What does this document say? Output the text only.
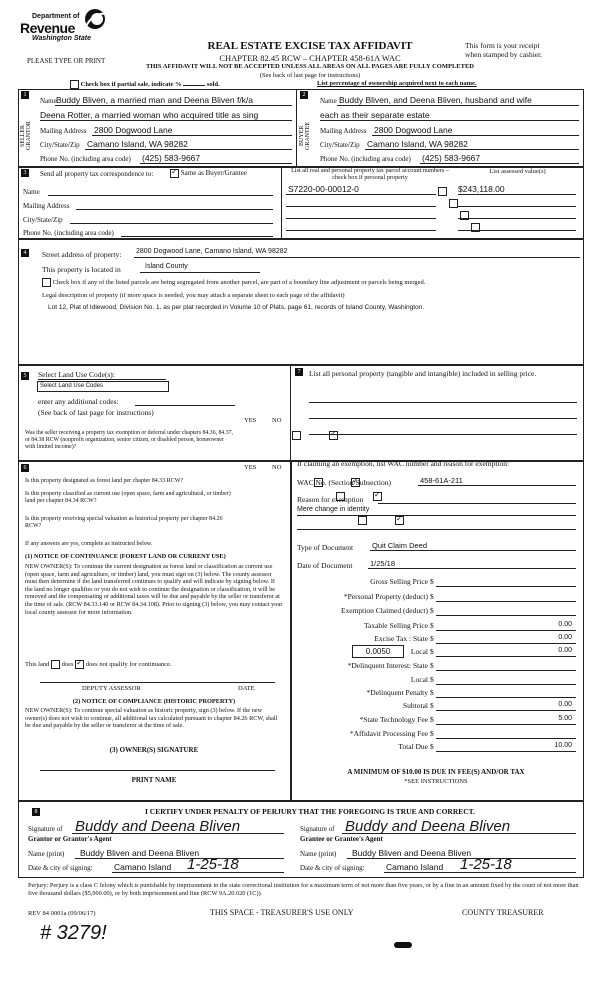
Department of
Revenue
Washington State
PLEASE TYPE OR PRINT
REAL ESTATE EXCISE TAX AFFIDAVIT
CHAPTER 82.45 RCW – CHAPTER 458-61A WAC
THIS AFFIDAVIT WILL NOT BE ACCEPTED UNLESS ALL AREAS ON ALL PAGES ARE FULLY COMPLETED
(See back of last page for instructions)
This form is your receipt
when stamped by cashier.
Check box if partial sale, indicate %	sold.	List percentage of ownership acquired next to each name.
1
SELLER GRANTOR
Name Buddy Bliven, a married man and Deena Bliven f/k/a
Deena Rotter, a married woman who acquired title as sing
Mailing Address 2800 Dogwood Lane
City/State/Zip Camano Island, WA 98282
Phone No. (including area code) (425) 583-9667
2
BUYER GRANTEE
Name Buddy Bliven, and Deena Bliven, husband and wife
each as their separate estate
Mailing Address 2800 Dogwood Lane
City/State/Zip Camano Island, WA 98282
Phone No. (including area code) (425) 583-9667
3	Send all property tax correspondence to: ✓	Same as Buyer/Grantee
Name
Mailing Address
City/State/Zip
Phone No. (including area code)
List all real and personal property tax parcel account numbers – check box if personal property
List assessed value(s)
S7220-00-00012-0	$243,118.00

4	Street address of property: 2800 Dogwood Lane, Camano Island, WA 98282
This property is located in	Island County
Check box if any of the listed parcels are being segregated from another parcel, are part of a boundary line adjustment or parcels being merged.
Legal description of property (if more space is needed, you may attach a separate sheet to each page of the affidavit)
Lot 12, Plat of Idlewood, Division No. 1, as per plat recorded in Volume 10 of Plats, page 61, records of Island County, Washington.
5	Select Land Use Code(s):
Select Land Use Codes
enter any additional codes:
(See back of last page for instructions)
YES NO
Was the seller receiving a property tax exemption or deferral under chapters 84.36, 84.37, or 84.38 RCW (nonprofit organization, senior citizen, or disabled person, homeowner with limited income)?
✓
7	List all personal property (tangible and intangible) included in selling price.
6	YES NO
Is this property designated as forest land per chapter 84.33 RCW?
✓
Is this property classified as current use (open space, farm and agricultural, or timber) land per chapter 84.34 RCW?
✓
Is this property receiving special valuation as historical property per chapter 84.26 RCW?
✓
If any answers are yes, complete as instructed below.
(1) NOTICE OF CONTINUANCE (FOREST LAND OR CURRENT USE)
NEW OWNER(S): To continue the current designation as forest land or classification as current use (open space, farm and agriculture, or timber) land, you must sign on (3) below. The county assessor must then determine if the land transferred continues to qualify and will indicate by signing below. If the land no longer qualifies or you do not wish to continue the designation or classification, it will be removed and the compensating or additional taxes will be due and payable by the seller or transferor at the time of sale. (RCW 84.33.140 or RCW 84.34.108). Prior to signing (3) below, you may contact your local county assessor for more information.
This land does ✓ does not qualify for continuance.
DEPUTY ASSESSOR	DATE
(2) NOTICE OF COMPLIANCE (HISTORIC PROPERTY)
NEW OWNER(S): To continue special valuation as historic property, sign (3) below. If the new owner(s) does not wish to continue, all additional tax calculated pursuant to chapter 84.26 RCW, shall be due and payable by the seller or transferor at the time of sale.
(3) OWNER(S) SIGNATURE
PRINT NAME
If claiming an exemption, list WAC number and reason for exemption:
WAC No. (Section/Subsection)	458-61A-211
Reason for exemption
Mere change in identity
Type of Document	Quit Claim Deed
Date of Document 1/25/18
Gross Selling Price $
*Personal Property (deduct) $
Exemption Claimed (deduct) $
Taxable Selling Price $	0.00
Excise Tax : State $	0.00
Local $	0.00
*Delinquent Interest: State $
Local $
*Delinquent Penalty $
Subtotal $	0.00
*State Technology Fee $	5.00
*Affidavit Processing Fee $
Total Due $	10.00
0.0050
A MINIMUM OF $10.00 IS DUE IN FEE(S) AND/OR TAX
*SEE INSTRUCTIONS
8	I CERTIFY UNDER PENALTY OF PERJURY THAT THE FOREGOING IS TRUE AND CORRECT.
Signature of
Grantor or Grantor's Agent
Buddy and Deena Bliven
Name (print) Buddy Bliven and Deena Bliven
Date & city of signing:	Camano Island 1-25-18
Signature of
Grantee or Grantee's Agent
Buddy and Deena Bliven
Name (print) Buddy Bliven and Deena Bliven
Date & city of signing:	Camano Island 1-25-18
Perjury: Perjury is a class C felony which is punishable by imprisonment in the state correctional institution for a maximum term of not more than five years, or by a fine in an amount fixed by the court of not more than five thousand dollars ($5,000.00), or by both imprisonment and fine (RCW 9A.20.020 (1C)).
REV 84 0001a (09/06/17)	THIS SPACE - TREASURER'S USE ONLY	COUNTY TREASURER
# 3279!
